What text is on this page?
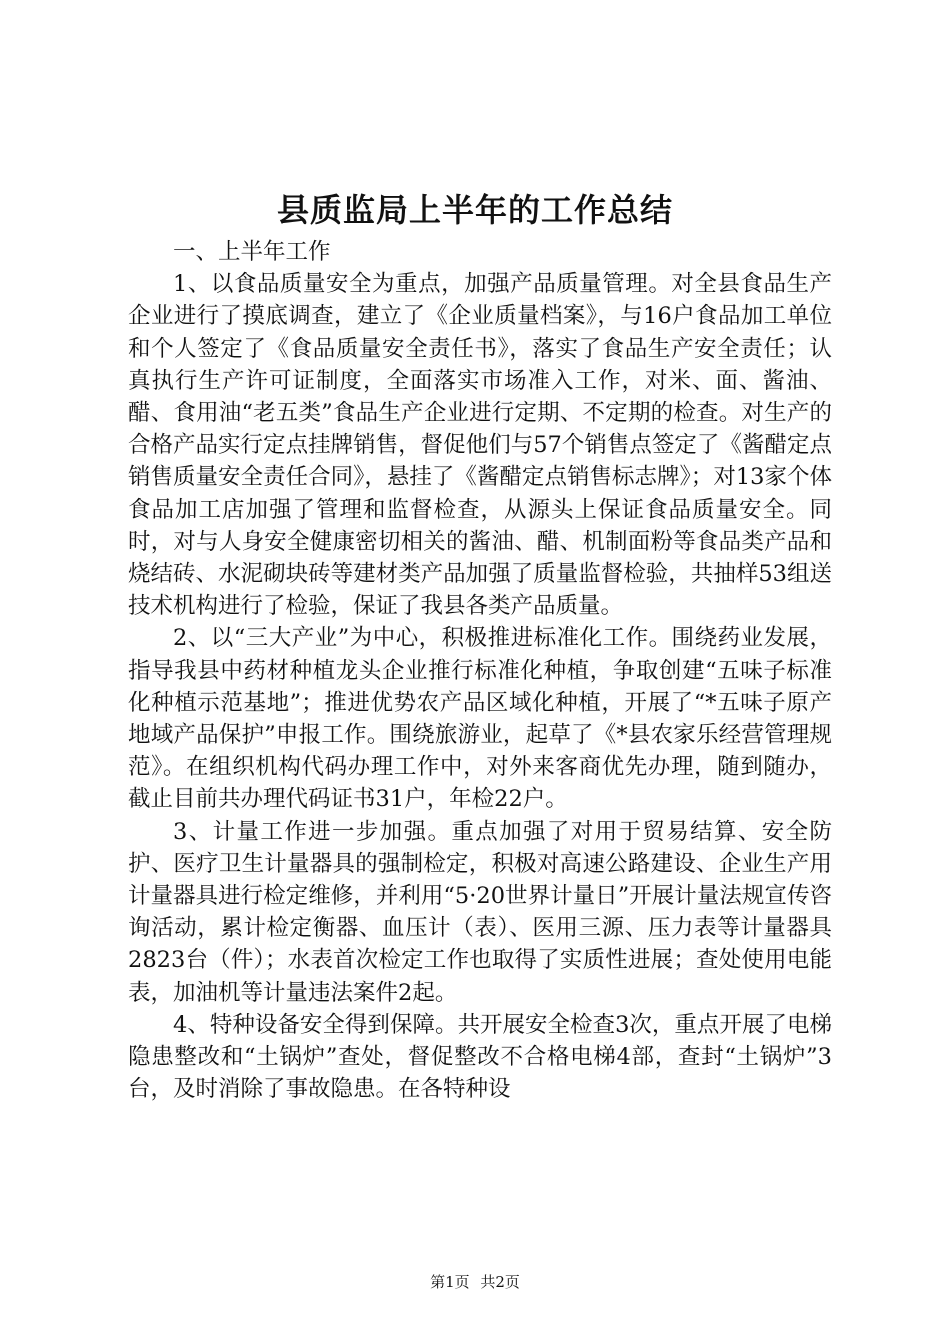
县质监局上半年的工作总结

一、上半年工作

1、以食品质量安全为重点，加强产品质量管理。对全县食品生产企业进行了摸底调查，建立了《企业质量档案》，与16户食品加工单位和个人签定了《食品质量安全责任书》，落实了食品生产安全责任；认真执行生产许可证制度，全面落实市场准入工作，对米、面、酱油、醋、食用油“老五类”食品生产企业进行定期、不定期的检查。对生产的合格产品实行定点挂牌销售，督促他们与57个销售点签定了《酱醋定点销售质量安全责任合同》，悬挂了《酱醋定点销售标志牌》；对13家个体食品加工店加强了管理和监督检查，从源头上保证食品质量安全。同时，对与人身安全健康密切相关的酱油、醋、机制面粉等食品类产品和烧结砖、水泥砌块砖等建材类产品加强了质量监督检验，共抽样53组送技术机构进行了检验，保证了我县各类产品质量。

2、以“三大产业”为中心，积极推进标准化工作。围绕药业发展，指导我县中药材种植龙头企业推行标准化种植，争取创建“五味子标准化种植示范基地”；推进优势农产品区域化种植，开展了“*五味子原产地域产品保护”申报工作。围绕旅游业，起草了《*县农家乐经营管理规范》。在组织机构代码办理工作中，对外来客商优先办理，随到随办，截止目前共办理代码证书31户，年检22户。

3、计量工作进一步加强。重点加强了对用于贸易结算、安全防护、医疗卫生计量器具的强制检定，积极对高速公路建设、企业生产用计量器具进行检定维修，并利用“5·20世界计量日”开展计量法规宣传咨询活动，累计检定衡器、血压计（表）、医用三源、压力表等计量器具2823台（件）；水表首次检定工作也取得了实质性进展；查处使用电能表，加油机等计量违法案件2起。

4、特种设备安全得到保障。共开展安全检查3次，重点开展了电梯隐患整改和“土锅炉”查处，督促整改不合格电梯4部，查封“土锅炉”3台，及时消除了事故隐患。在各特种设

第1页 共2页
